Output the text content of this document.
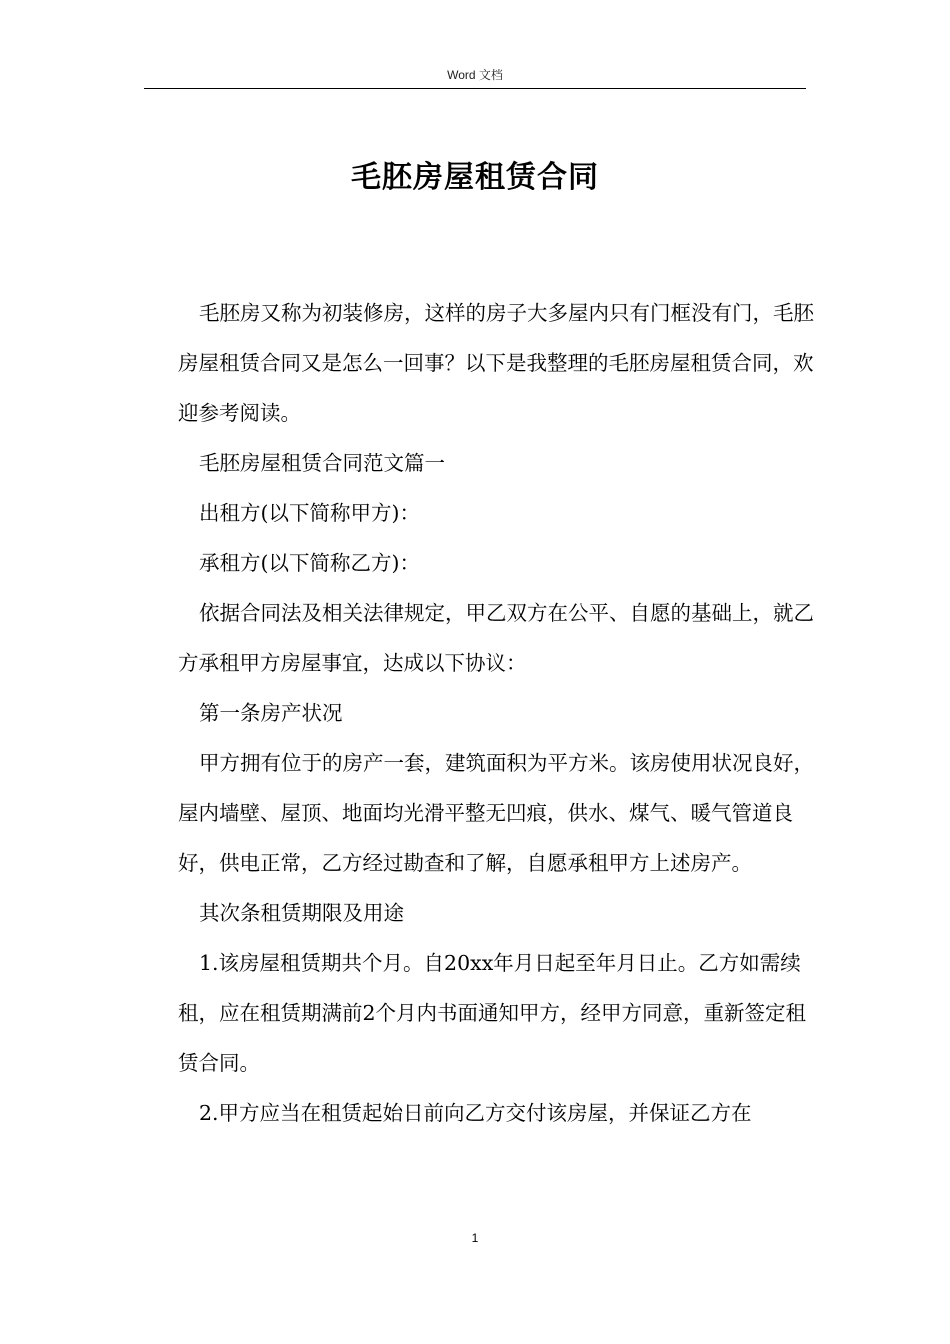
Word 文档
毛胚房屋租赁合同

毛胚房又称为初装修房，这样的房子大多屋内只有门框没有门，毛胚房屋租赁合同又是怎么一回事？以下是我整理的毛胚房屋租赁合同，欢迎参考阅读。

毛胚房屋租赁合同范文篇一

出租方(以下简称甲方)：

承租方(以下简称乙方)：

依据合同法及相关法律规定，甲乙双方在公平、自愿的基础上，就乙方承租甲方房屋事宜，达成以下协议：

第一条房产状况

甲方拥有位于的房产一套，建筑面积为平方米。该房使用状况良好，屋内墙壁、屋顶、地面均光滑平整无凹痕，供水、煤气、暖气管道良好，供电正常，乙方经过勘查和了解，自愿承租甲方上述房产。

其次条租赁期限及用途

1.该房屋租赁期共个月。自20xx年月日起至年月日止。乙方如需续租，应在租赁期满前2个月内书面通知甲方，经甲方同意，重新签定租赁合同。

2.甲方应当在租赁起始日前向乙方交付该房屋，并保证乙方在

1
